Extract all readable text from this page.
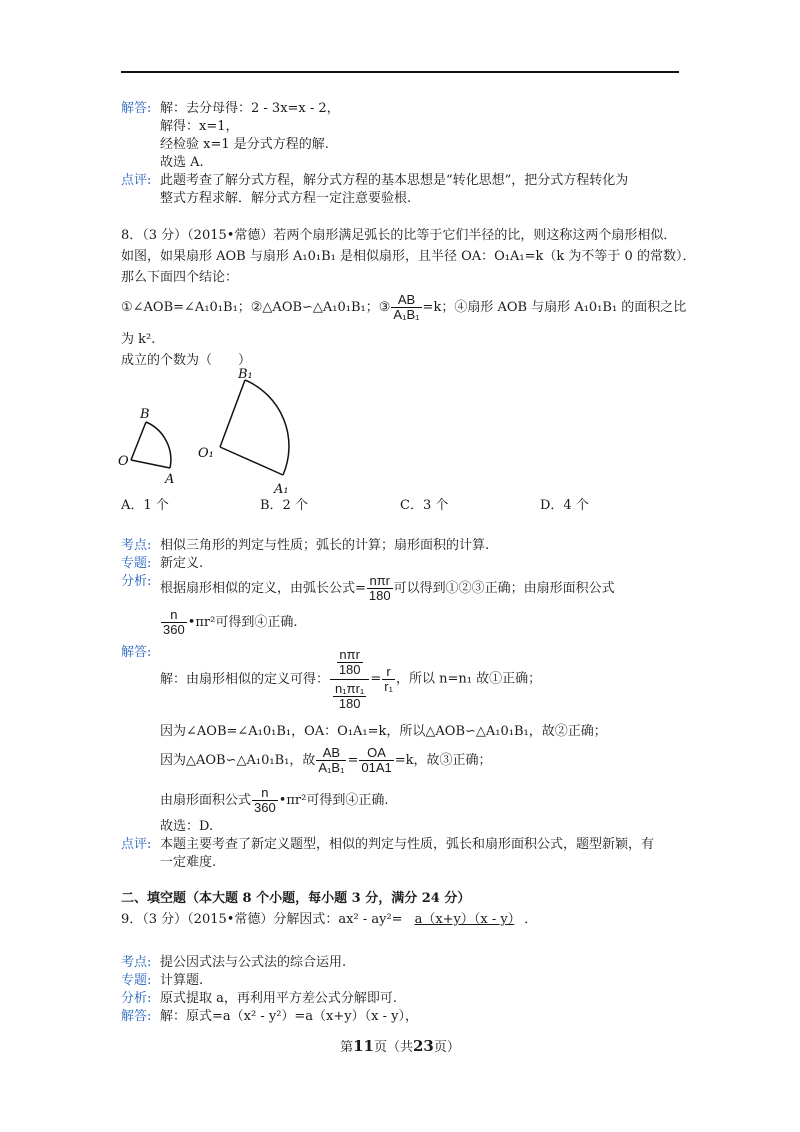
解答: 解：去分母得：2 - 3x=x - 2，
解得：x=1，
经检验 x=1 是分式方程的解.
故选 A.
点评: 此题考查了解分式方程，解分式方程的基本思想是“转化思想”，把分式方程转化为
整式方程求解．解分式方程一定注意要验根.
8．（3 分）（2015•常德）若两个扇形满足弧长的比等于它们半径的比，则这称这两个扇形相似．
如图，如果扇形 AOB 与扇形 A₁0₁B₁ 是相似扇形，且半径 OA：O₁A₁=k（k 为不等于 0 的常数）．
那么下面四个结论：
①∠AOB=∠A₁0₁B₁；②△AOB∽△A₁0₁B₁；③ $\frac{AB}{\text{A₁B₁}} =k$；④扇形 AOB 与扇形 A₁0₁B₁ 的面积之比
为 k².
成立的个数为（　　）
B
O
A
B₁
O₁
A₁
A．1 个	B．2 个	C．3 个	D．4 个
考点: 相似三角形的判定与性质；弧长的计算；扇形面积的计算.
专题: 新定义.
分析: 根据扇形相似的定义，由弧长公式= $\frac{\text{nπr}}{180}$ 可以得到①②③正确；由扇形面积公式
$\frac{n}{360}$ •πr²可得到④正确.
解答:
解：由扇形相似的定义可得： $\frac{\frac{\text{nπr}}{180}}{\frac{\text{n₁πr₁}}{180}} = \frac{r}{\text{r₁}}$ ，所以 n=n₁ 故①正确；
因为∠AOB=∠A₁0₁B₁，OA：O₁A₁=k，所以△AOB∽△A₁0₁B₁，故②正确；
因为△AOB∽△A₁0₁B₁，故 $\frac{AB}{\text{A₁B₁}} = \frac{OA}{01A1} =k$，故③正确；
由扇形面积公式 $\frac{n}{360}$ •πr²可得到④正确.
故选：D.
点评: 本题主要考查了新定义题型，相似的判定与性质，弧长和扇形面积公式，题型新颖，有
一定难度.
二、填空题（本大题 8 个小题，每小题 3 分，满分 24 分）
9．（3 分）（2015•常德）分解因式：ax² - ay²= a（x+y）（x - y） ．
考点: 提公因式法与公式法的综合运用.
专题: 计算题.
分析: 原式提取 a，再利用平方差公式分解即可.
解答: 解：原式=a（x² - y²）=a（x+y）（x - y），
第11页（共23页）
